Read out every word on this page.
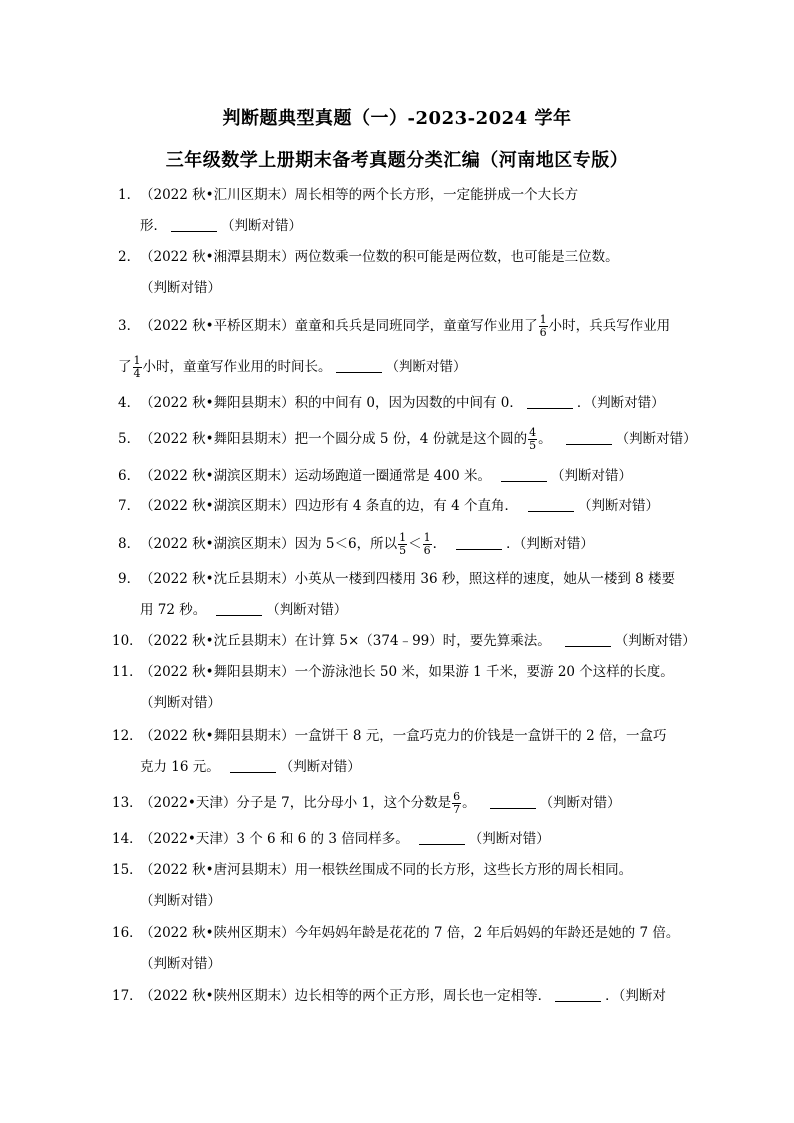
判断题典型真题（一）-2023-2024 学年
三年级数学上册期末备考真题分类汇编（河南地区专版）
1． （2022 秋•汇川区期末）周长相等的两个长方形，一定能拼成一个大长方
形．	（判断对错）
2． （2022 秋•湘潭县期末）两位数乘一位数的积可能是两位数，也可能是三位数。
（判断对错）
3． （2022 秋•平桥区期末）童童和兵兵是同班同学，童童写作业用了 $\frac{1}{6}$ 小时，兵兵写作业用
了 $\frac{1}{4}$ 小时，童童写作业用的时间长。	（判断对错）
4． （2022 秋•舞阳县期末）积的中间有 0，因为因数的中间有 0．	．（判断对错）
5． （2022 秋•舞阳县期末）把一个圆分成 5 份，4 份就是这个圆的 $\frac{4}{5}$ 。	（判断对错）
6． （2022 秋•湖滨区期末）运动场跑道一圈通常是 400 米。	（判断对错）
7． （2022 秋•湖滨区期末）四边形有 4 条直的边，有 4 个直角．	（判断对错）
8． （2022 秋•湖滨区期末）因为 5＜6，所以 $\frac{1}{5} < \frac{1}{6}$ ．	．（判断对错）
9． （2022 秋•沈丘县期末）小英从一楼到四楼用 36 秒，照这样的速度，她从一楼到 8 楼要
用 72 秒。	（判断对错）
10．
（2022 秋•沈丘县期末）在计算 5×（374﹣99）时，要先算乘法。	（判断对错）
11．
（2022 秋•舞阳县期末）一个游泳池长 50 米，如果游 1 千米，要游 20 个这样的长度。
（判断对错）
12．
（2022 秋•舞阳县期末）一盒饼干 8 元，一盒巧克力的价钱是一盒饼干的 2 倍，一盒巧
克力 16 元。	（判断对错）
13．
（2022•天津）分子是 7，比分母小 1，这个分数是 $\frac{6}{7}$ 。	（判断对错）
14．
（2022•天津）3 个 6 和 6 的 3 倍同样多。	（判断对错）
15．
（2022 秋•唐河县期末）用一根铁丝围成不同的长方形，这些长方形的周长相同。
（判断对错）
16．
（2022 秋•陕州区期末）今年妈妈年龄是花花的 7 倍，2 年后妈妈的年龄还是她的 7 倍。
（判断对错）
17．
（2022 秋•陕州区期末）边长相等的两个正方形，周长也一定相等．	．（判断对
